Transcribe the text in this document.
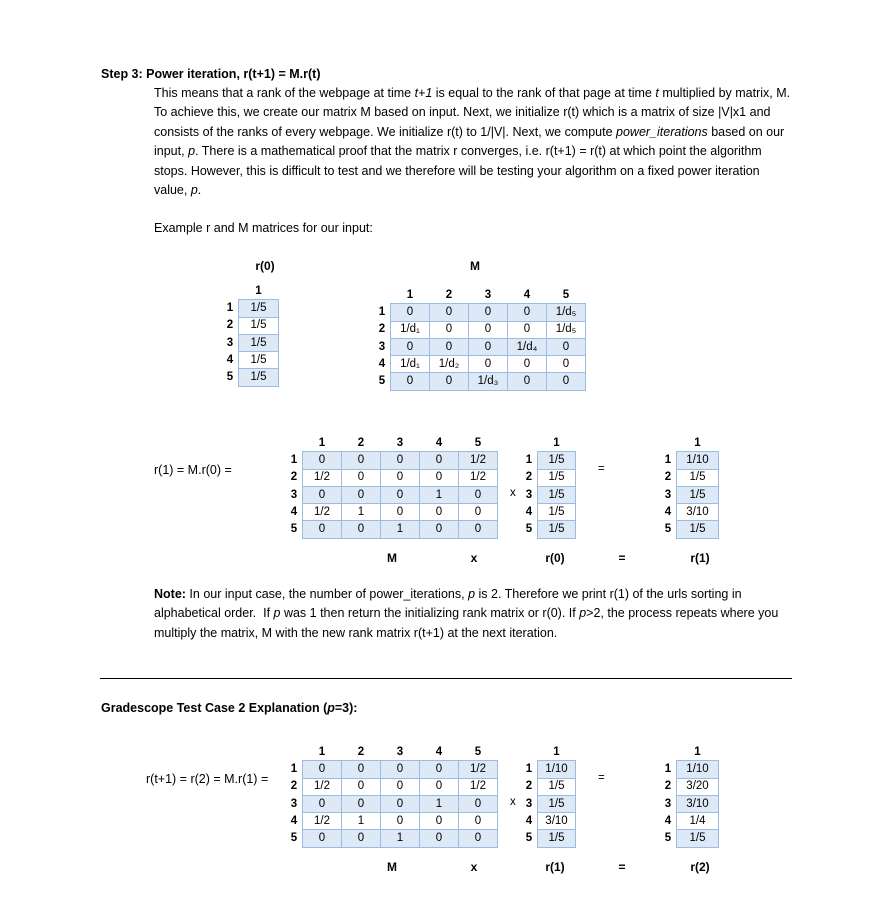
Step 3: Power iteration, r(t+1) = M.r(t)
This means that a rank of the webpage at time t+1 is equal to the rank of that page at time t multiplied by matrix, M. To achieve this, we create our matrix M based on input. Next, we initialize r(t) which is a matrix of size |V|x1 and consists of the ranks of every webpage. We initialize r(t) to 1/|V|. Next, we compute power_iterations based on our input, p. There is a mathematical proof that the matrix r converges, i.e. r(t+1) = r(t) at which point the algorithm stops. However, this is difficult to test and we therefore will be testing your algorithm on a fixed power iteration value, p.
Example r and M matrices for our input:
r(0)	M
	1
1	1/5
2	1/5
3	1/5
4	1/5
5	1/5
	1	2	3	4	5
1	0	0	0	0	1/d₅
2	1/d₁	0	0	0	1/d₅
3	0	0	0	1/d₄	0
4	1/d₁	1/d₂	0	0	0
5	0	0	1/d₃	0	0
r(1) = M.r(0) =
	1	2	3	4	5
1	0	0	0	0	1/2
2	1/2	0	0	0	1/2
3	0	0	0	1	0
4	1/2	1	0	0	0
5	0	0	1	0	0
x
	1
1	1/5
2	1/5
3	1/5
4	1/5
5	1/5
=
	1
1	1/10
2	1/5
3	1/5
4	3/10
5	1/5
M	x	r(0)	=	r(1)
Note: In our input case, the number of power_iterations, p is 2. Therefore we print r(1) of the urls sorting in alphabetical order.  If p was 1 then return the initializing rank matrix or r(0). If p>2, the process repeats where you multiply the matrix, M with the new rank matrix r(t+1) at the next iteration.
Gradescope Test Case 2 Explanation (p=3):
r(t+1) = r(2) = M.r(1) =
	1	2	3	4	5
1	0	0	0	0	1/2
2	1/2	0	0	0	1/2
3	0	0	0	1	0
4	1/2	1	0	0	0
5	0	0	1	0	0
x
	1
1	1/10
2	1/5
3	1/5
4	3/10
5	1/5
=
	1
1	1/10
2	3/20
3	3/10
4	1/4
5	1/5
M	x	r(1)	=	r(2)
